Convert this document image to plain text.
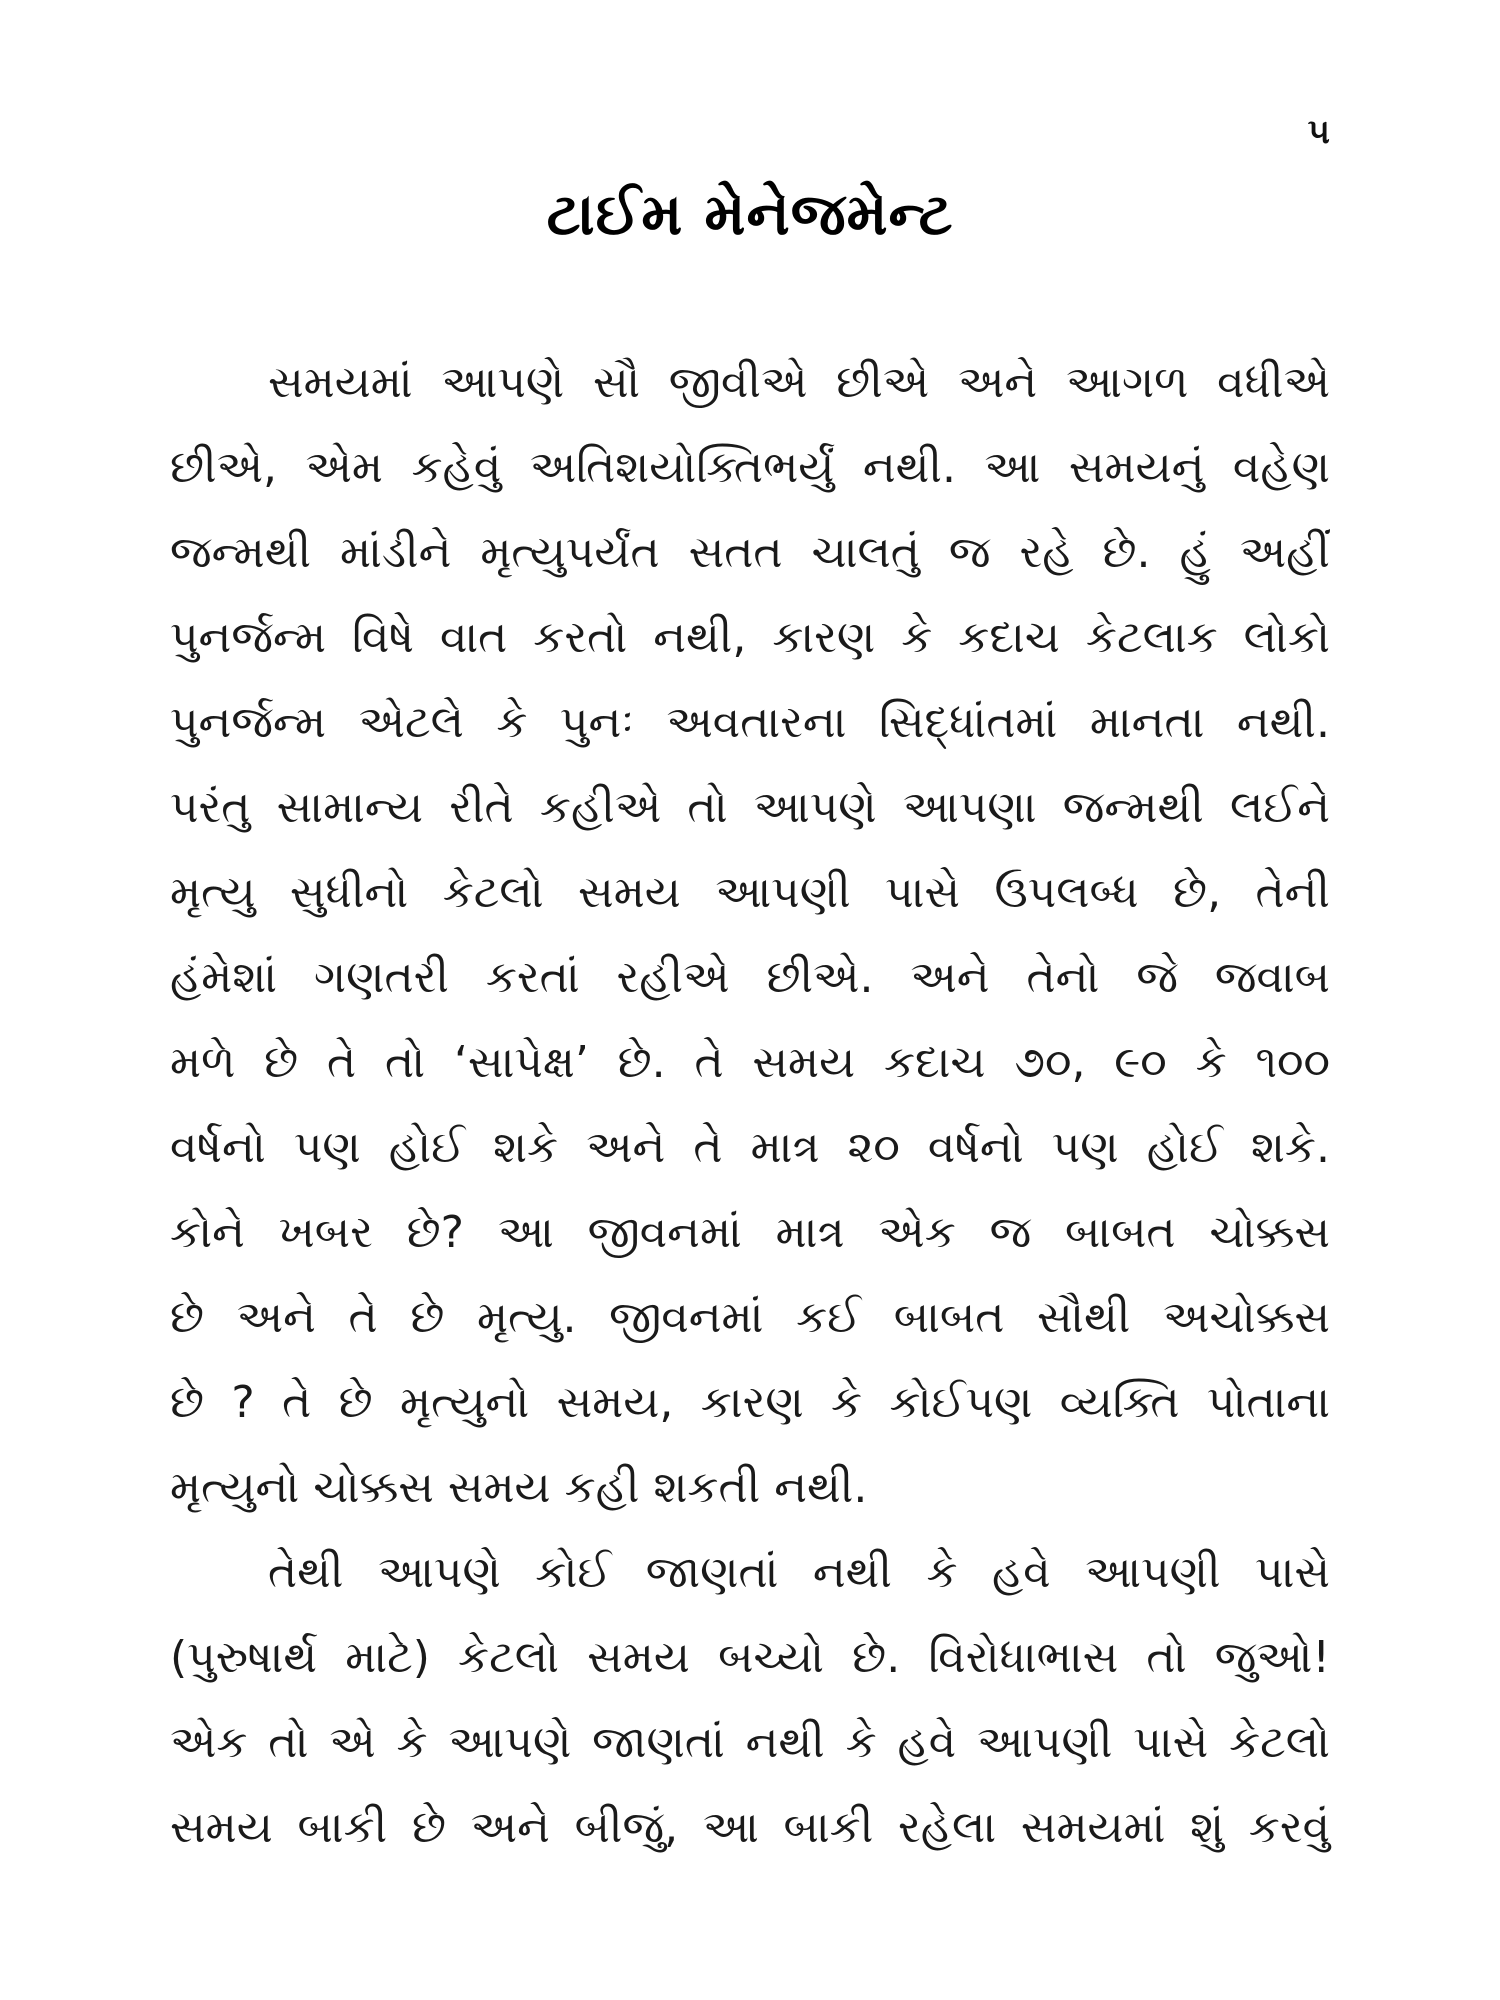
૫
ટાઈમ મેનેજમેન્ટ
સમયમાં આપણે સૌ જીવીએ છીએ અને આગળ વધીએ
છીએ, એમ કહેવું અતિશયોક્તિભર્યું નથી. આ સમયનું વહેણ
જન્મથી માંડીને મૃત્યુપર્યંત સતત ચાલતું જ રહે છે. હું અહીં
પુનર્જન્મ વિષે વાત કરતો નથી, કારણ કે કદાચ કેટલાક લોકો
પુનર્જન્મ એટલે કે પુનઃ અવતારના સિદ્ધાંતમાં માનતા નથી.
પરંતુ સામાન્ય રીતે કહીએ તો આપણે આપણા જન્મથી લઈને
મૃત્યુ સુધીનો કેટલો સમય આપણી પાસે ઉપલબ્ધ છે, તેની
હંમેશાં ગણતરી કરતાં રહીએ છીએ. અને તેનો જે જવાબ
મળે છે તે તો ‘સાપેક્ષ’ છે. તે સમય કદાચ ૭૦, ૯૦ કે ૧૦૦
વર્ષનો પણ હોઈ શકે અને તે માત્ર ૨૦ વર્ષનો પણ હોઈ શકે.
કોને ખબર છે? આ જીવનમાં માત્ર એક જ બાબત ચોક્કસ
છે અને તે છે મૃત્યુ. જીવનમાં કઈ બાબત સૌથી અચોક્કસ
છે ? તે છે મૃત્યુનો સમય, કારણ કે કોઈપણ વ્યક્તિ પોતાના
મૃત્યુનો ચોક્કસ સમય કહી શકતી નથી.
તેથી આપણે કોઈ જાણતાં નથી કે હવે આપણી પાસે
(પુરુષાર્થ માટે) કેટલો સમય બચ્યો છે. વિરોધાભાસ તો જુઓ!
એક તો એ કે આપણે જાણતાં નથી કે હવે આપણી પાસે કેટલો
સમય બાકી છે અને બીજું, આ બાકી રહેલા સમયમાં શું કરવું
